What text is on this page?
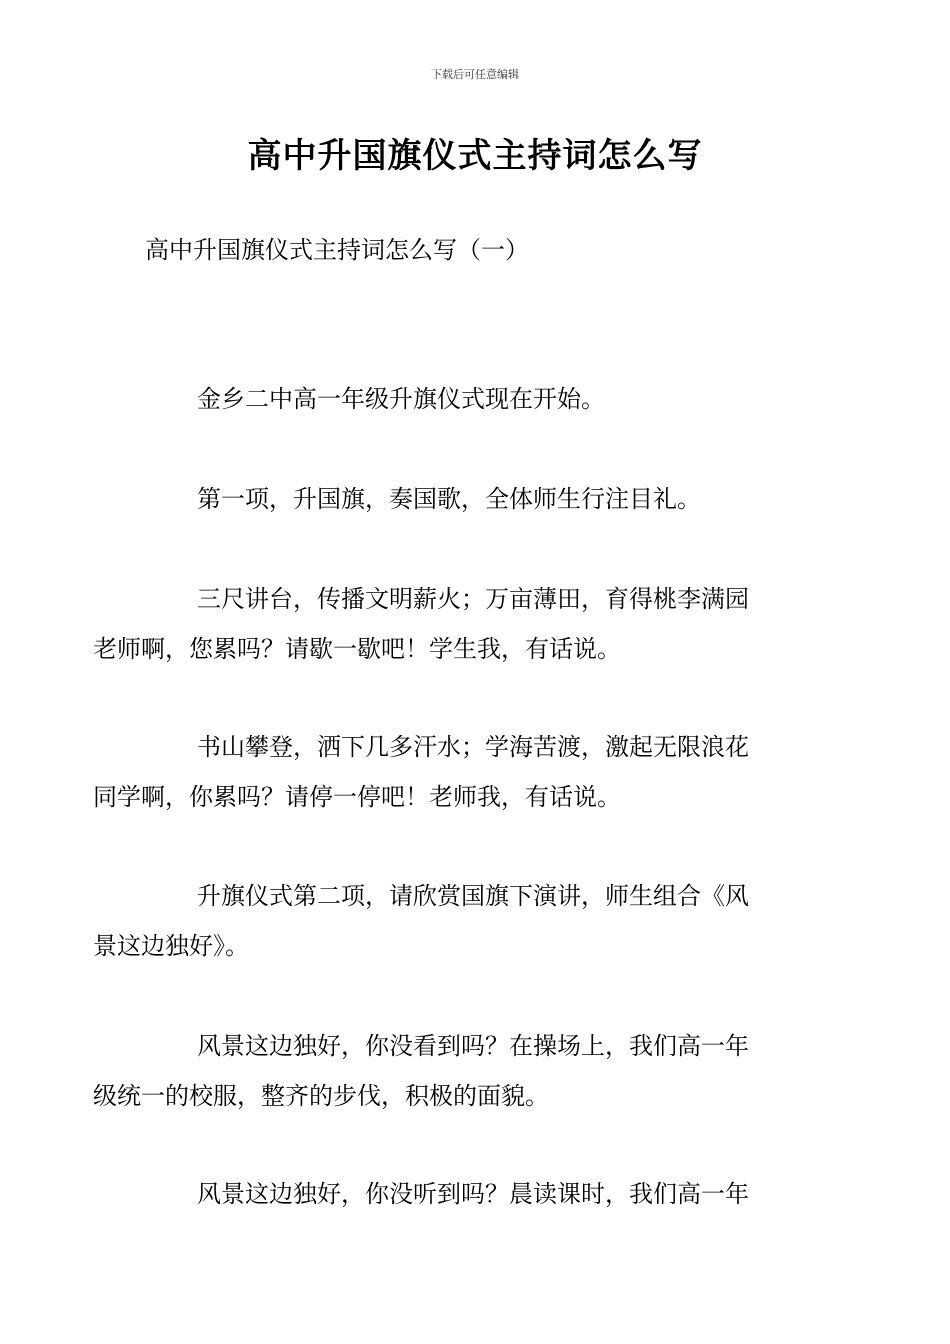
下载后可任意编辑
高中升国旗仪式主持词怎么写

高中升国旗仪式主持词怎么写（一）

金乡二中高一年级升旗仪式现在开始。

第一项，升国旗，奏国歌，全体师生行注目礼。

三尺讲台，传播文明薪火；万亩薄田，育得桃李满园
老师啊，您累吗？请歇一歇吧！学生我，有话说。

书山攀登，洒下几多汗水；学海苦渡，激起无限浪花
同学啊，你累吗？请停一停吧！老师我，有话说。

升旗仪式第二项，请欣赏国旗下演讲，师生组合《风
景这边独好》。

风景这边独好，你没看到吗？在操场上，我们高一年
级统一的校服，整齐的步伐，积极的面貌。

风景这边独好，你没听到吗？晨读课时，我们高一年
